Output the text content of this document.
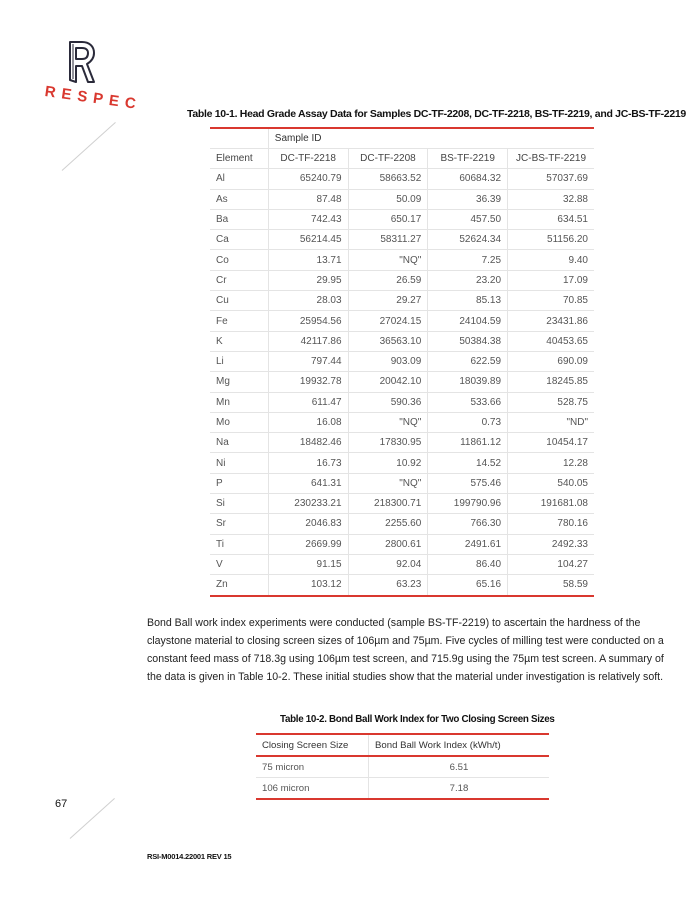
RESPEC
Table 10-1. Head Grade Assay Data for Samples DC-TF-2208, DC-TF-2218, BS-TF-2219, and JC-BS-TF-2219
	Sample ID			
Element	DC-TF-2218	DC-TF-2208	BS-TF-2219	JC-BS-TF-2219
Al	65240.79	58663.52	60684.32	57037.69
As	87.48	50.09	36.39	32.88
Ba	742.43	650.17	457.50	634.51
Ca	56214.45	58311.27	52624.34	51156.20
Co	13.71	"NQ"	7.25	9.40
Cr	29.95	26.59	23.20	17.09
Cu	28.03	29.27	85.13	70.85
Fe	25954.56	27024.15	24104.59	23431.86
K	42117.86	36563.10	50384.38	40453.65
Li	797.44	903.09	622.59	690.09
Mg	19932.78	20042.10	18039.89	18245.85
Mn	611.47	590.36	533.66	528.75
Mo	16.08	"NQ"	0.73	"ND"
Na	18482.46	17830.95	11861.12	10454.17
Ni	16.73	10.92	14.52	12.28
P	641.31	"NQ"	575.46	540.05
Si	230233.21	218300.71	199790.96	191681.08
Sr	2046.83	2255.60	766.30	780.16
Ti	2669.99	2800.61	2491.61	2492.33
V	91.15	92.04	86.40	104.27
Zn	103.12	63.23	65.16	58.59
Bond Ball work index experiments were conducted (sample BS-TF-2219) to ascertain the hardness of the claystone material to closing screen sizes of 106µm and 75µm. Five cycles of milling test were conducted on a constant feed mass of 718.3g using 106µm test screen, and 715.9g using the 75µm test screen. A summary of the data is given in Table 10-2. These initial studies show that the material under investigation is relatively soft.
Table 10-2. Bond Ball Work Index for Two Closing Screen Sizes
Closing Screen Size	Bond Ball Work Index (kWh/t)
75 micron	6.51
106 micron	7.18
67
RSI-M0014.22001 REV 15
